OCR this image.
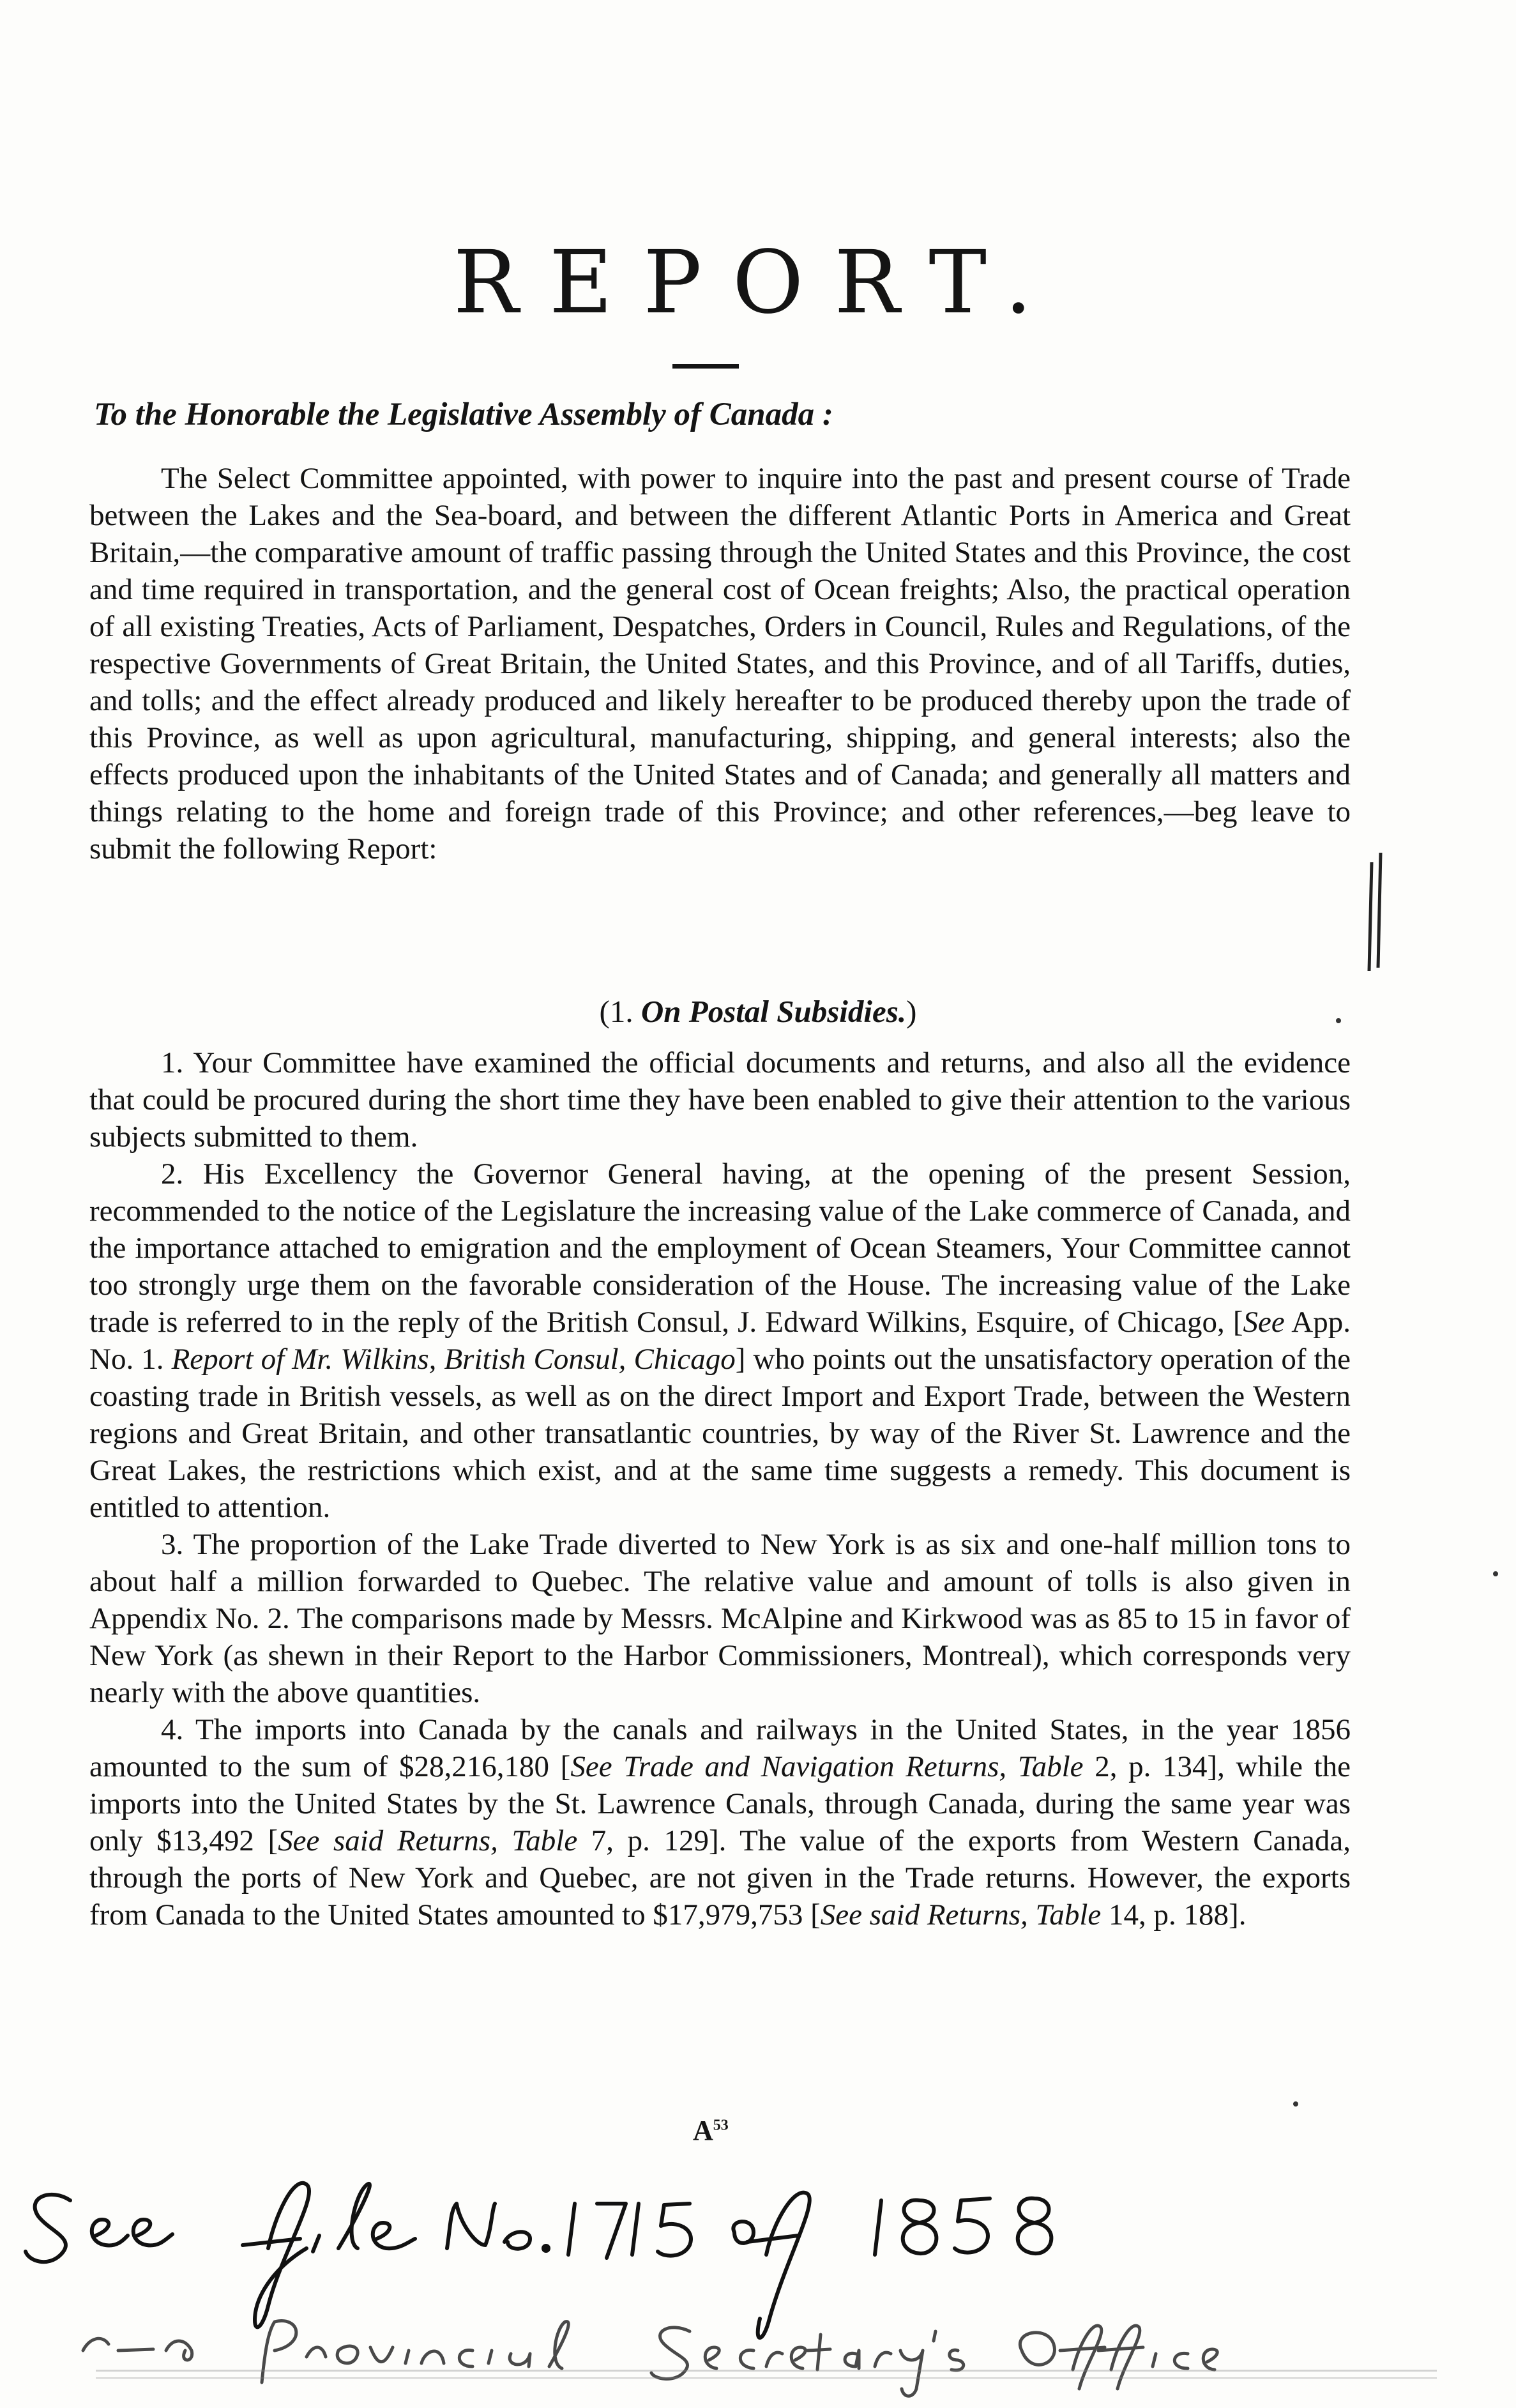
REPORT.
To the Honorable the Legislative Assembly of Canada :

The Select Committee appointed, with power to inquire into the past and present course of Trade between the Lakes and the Sea-board, and between the different Atlantic Ports in America and Great Britain,—the comparative amount of traffic passing through the United States and this Province, the cost and time required in transportation, and the general cost of Ocean freights; Also, the practical operation of all existing Treaties, Acts of Parliament, Despatches, Orders in Council, Rules and Regulations, of the respective Governments of Great Britain, the United States, and this Province, and of all Tariffs, duties, and tolls; and the effect already produced and likely hereafter to be produced thereby upon the trade of this Province, as well as upon agricultural, manufacturing, shipping, and general interests; also the effects produced upon the inhabitants of the United States and of Canada; and generally all matters and things relating to the home and foreign trade of this Province; and other references,—beg leave to submit the following Report:

(1. On Postal Subsidies.)

1. Your Committee have examined the official documents and returns, and also all the evidence that could be procured during the short time they have been enabled to give their attention to the various subjects submitted to them.

2. His Excellency the Governor General having, at the opening of the present Session, recommended to the notice of the Legislature the increasing value of the Lake commerce of Canada, and the importance attached to emigration and the employment of Ocean Steamers, Your Committee cannot too strongly urge them on the favorable consideration of the House. The increasing value of the Lake trade is referred to in the reply of the British Consul, J. Edward Wilkins, Esquire, of Chicago, [See App. No. 1. Report of Mr. Wilkins, British Consul, Chicago] who points out the unsatisfactory operation of the coasting trade in British vessels, as well as on the direct Import and Export Trade, between the Western regions and Great Britain, and other transatlantic countries, by way of the River St. Lawrence and the Great Lakes, the restrictions which exist, and at the same time suggests a remedy. This document is entitled to attention.

3. The proportion of the Lake Trade diverted to New York is as six and one-half million tons to about half a million forwarded to Quebec. The relative value and amount of tolls is also given in Appendix No. 2. The comparisons made by Messrs. McAlpine and Kirkwood was as 85 to 15 in favor of New York (as shewn in their Report to the Harbor Commissioners, Montreal), which corresponds very nearly with the above quantities.

4. The imports into Canada by the canals and railways in the United States, in the year 1856 amounted to the sum of $28,216,180 [See Trade and Navigation Returns, Table 2, p. 134], while the imports into the United States by the St. Lawrence Canals, through Canada, during the same year was only $13,492 [See said Returns, Table 7, p. 129]. The value of the exports from Western Canada, through the ports of New York and Quebec, are not given in the Trade returns. However, the exports from Canada to the United States amounted to $17,979,753 [See said Returns, Table 14, p. 188].

$A^{53}$
